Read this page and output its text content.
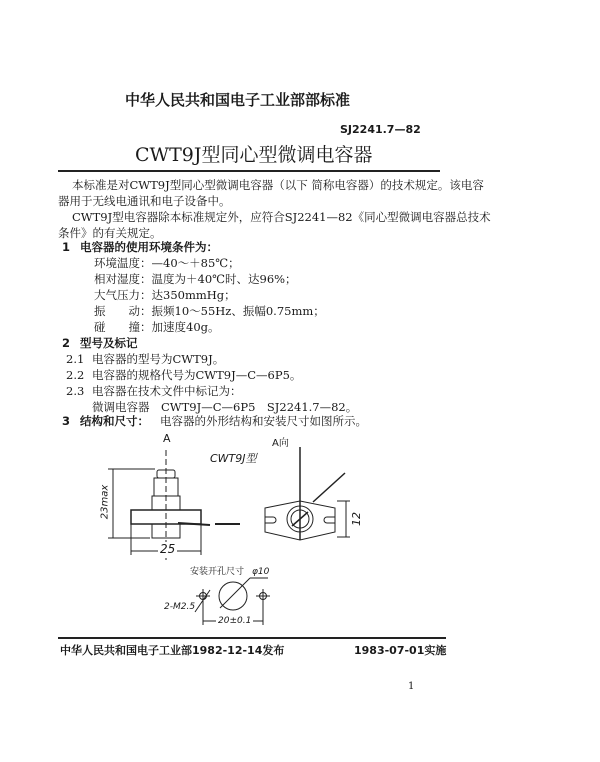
中华人民共和国电子工业部部标准
SJ2241.7—82
CWT9J型同心型微调电容器
本标准是对CWT9J型同心型微调电容器（以下 简称电容器）的技术规定。该电容
器用于无线电通讯和电子设备中。
CWT9J型电容器除本标准规定外，应符合SJ2241—82《同心型微调电容器总技术
条件》的有关规定。
1 电容器的使用环境条件为：
环境温度：—40～＋85℃；
相对湿度：温度为＋40℃时、达96%；
大气压力：达350mmHg；
振　　动：振频10～55Hz、振幅0.75mm；
碰　　撞：加速度40g。
2 型号及标记
2.1 电容器的型号为CWT9J。
2.2 电容器的规格代号为CWT9J—C—6P5。
2.3 电容器在技术文件中标记为：
微调电容器　CWT9J—C—6P5　SJ2241.7—82。
3 结构和尺寸： 电容器的外形结构和安装尺寸如图所示。
A	A向
CWT9J型
23max
25
12
安装开孔尺寸 φ10
2-M2.5
20±0.1
中华人民共和国电子工业部1982-12-14发布	1983-07-01实施
1
